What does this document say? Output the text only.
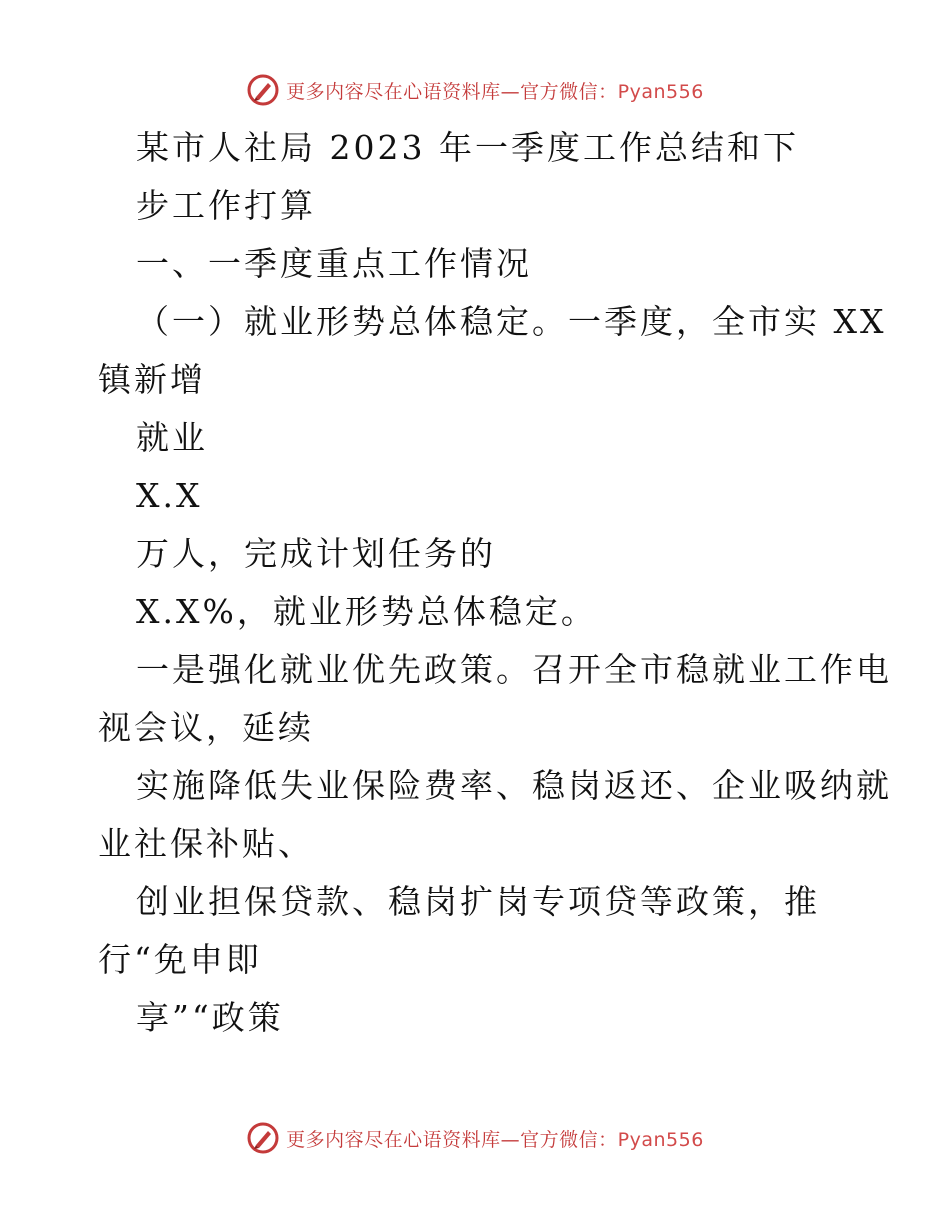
更多内容尽在心语资料库—官方微信：Pyan556
某市人社局 2023 年一季度工作总结和下
步工作打算
一、一季度重点工作情况
（一）就业形势总体稳定。一季度，全市实 XX
镇新增
就业
X.X
万人，完成计划任务的
X.X%，就业形势总体稳定。
一是强化就业优先政策。召开全市稳就业工作电
视会议，延续
实施降低失业保险费率、稳岗返还、企业吸纳就
业社保补贴、
创业担保贷款、稳岗扩岗专项贷等政策，推
行“免申即
享”“政策
更多内容尽在心语资料库—官方微信：Pyan556
